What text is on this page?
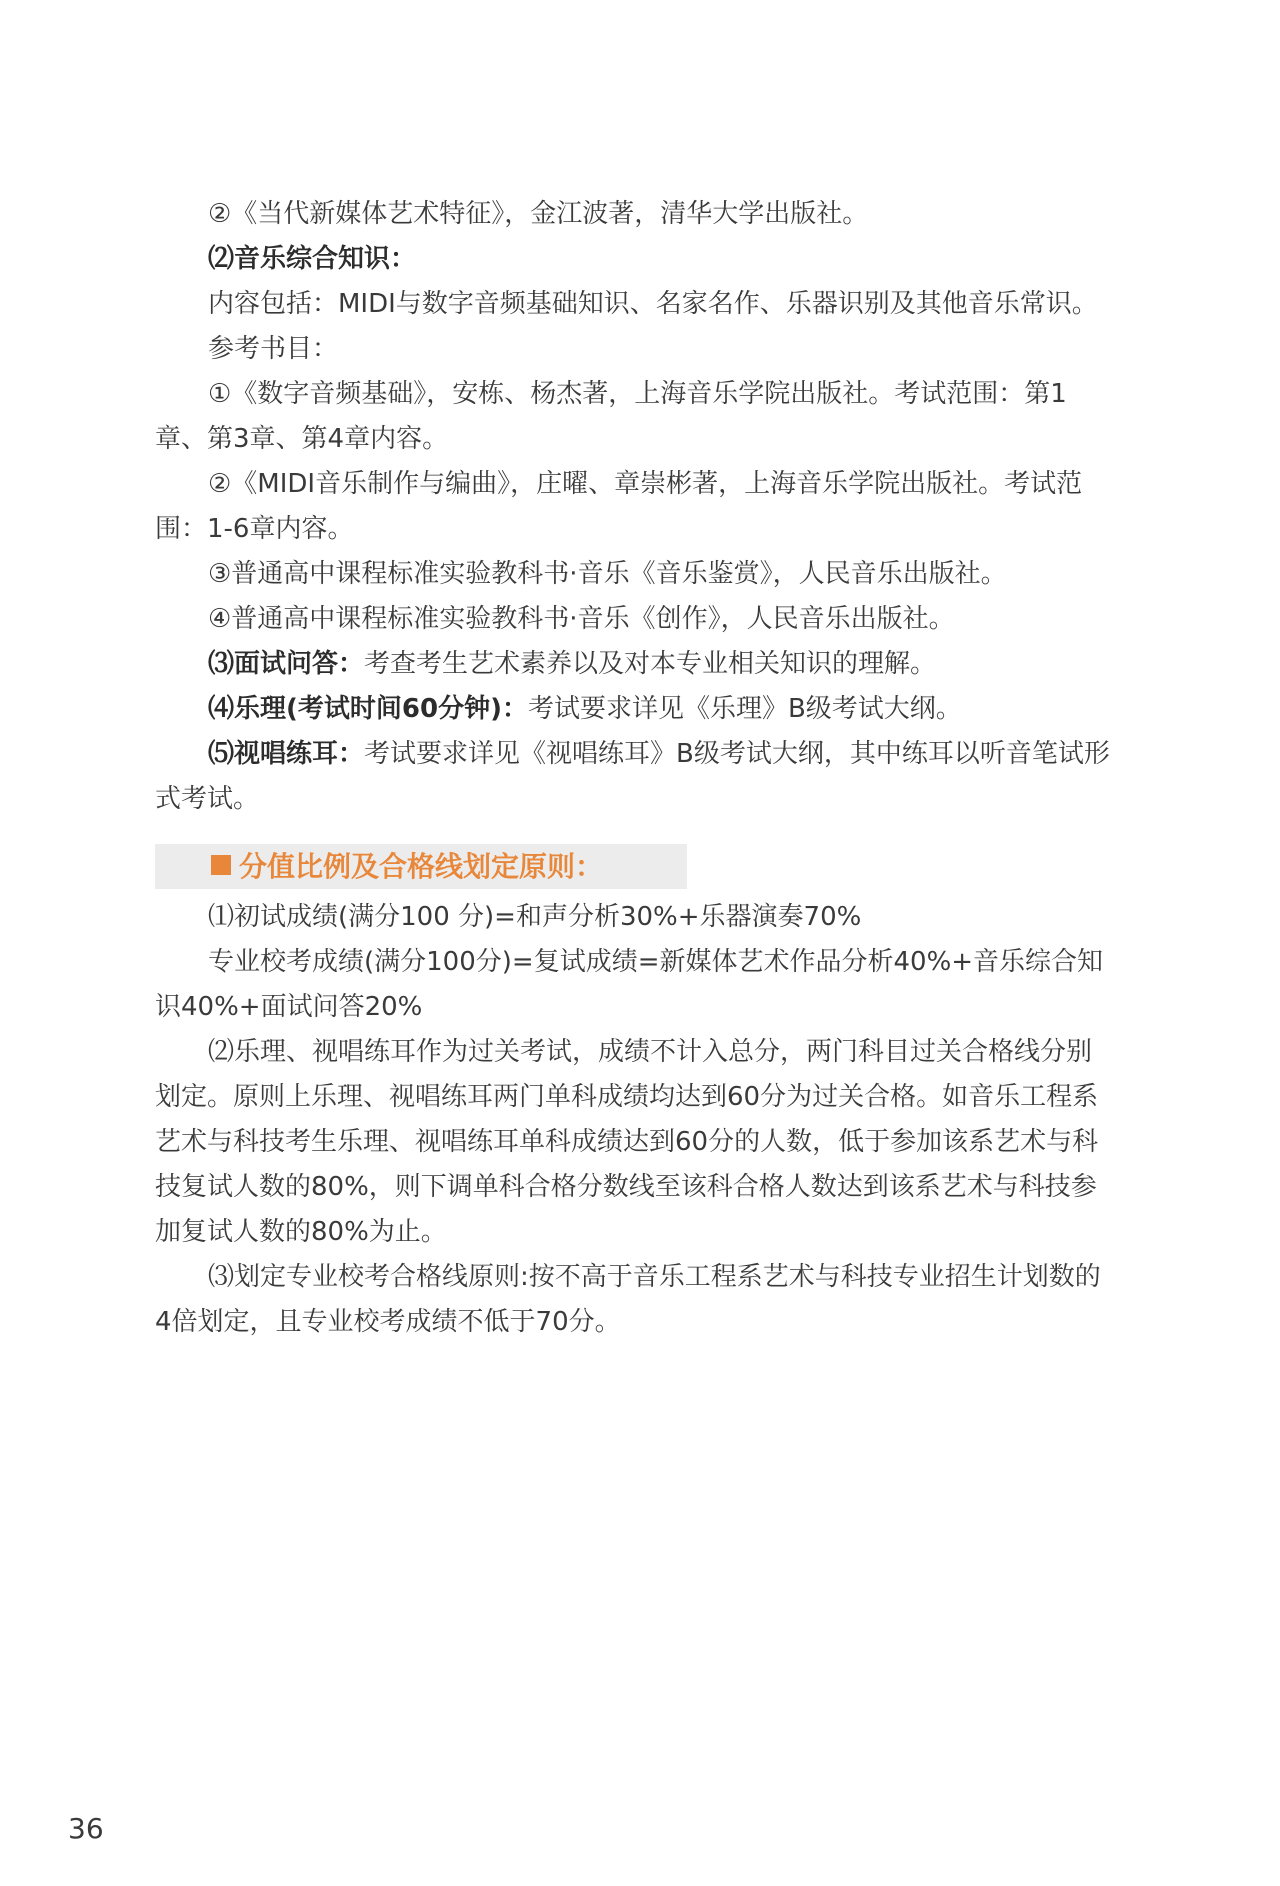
②《当代新媒体艺术特征》，金江波著，清华大学出版社。

⑵音乐综合知识：

内容包括：MIDI与数字音频基础知识、名家名作、乐器识别及其他音乐常识。

参考书目：

①《数字音频基础》，安栋、杨杰著，上海音乐学院出版社。考试范围：第1章、第3章、第4章内容。

②《MIDI音乐制作与编曲》，庄曜、章崇彬著，上海音乐学院出版社。考试范围：1-6章内容。

③普通高中课程标准实验教科书·音乐《音乐鉴赏》，人民音乐出版社。

④普通高中课程标准实验教科书·音乐《创作》，人民音乐出版社。

⑶面试问答：考查考生艺术素养以及对本专业相关知识的理解。

⑷乐理(考试时间60分钟)：考试要求详见《乐理》B级考试大纲。

⑸视唱练耳：考试要求详见《视唱练耳》B级考试大纲，其中练耳以听音笔试形式考试。

分值比例及合格线划定原则：

⑴初试成绩(满分100 分)=和声分析30%+乐器演奏70%

专业校考成绩(满分100分)=复试成绩=新媒体艺术作品分析40%+音乐综合知识40%+面试问答20%

⑵乐理、视唱练耳作为过关考试，成绩不计入总分，两门科目过关合格线分别划定。原则上乐理、视唱练耳两门单科成绩均达到60分为过关合格。如音乐工程系艺术与科技考生乐理、视唱练耳单科成绩达到60分的人数，低于参加该系艺术与科技复试人数的80%，则下调单科合格分数线至该科合格人数达到该系艺术与科技参加复试人数的80%为止。

⑶划定专业校考合格线原则:按不高于音乐工程系艺术与科技专业招生计划数的4倍划定，且专业校考成绩不低于70分。

36
